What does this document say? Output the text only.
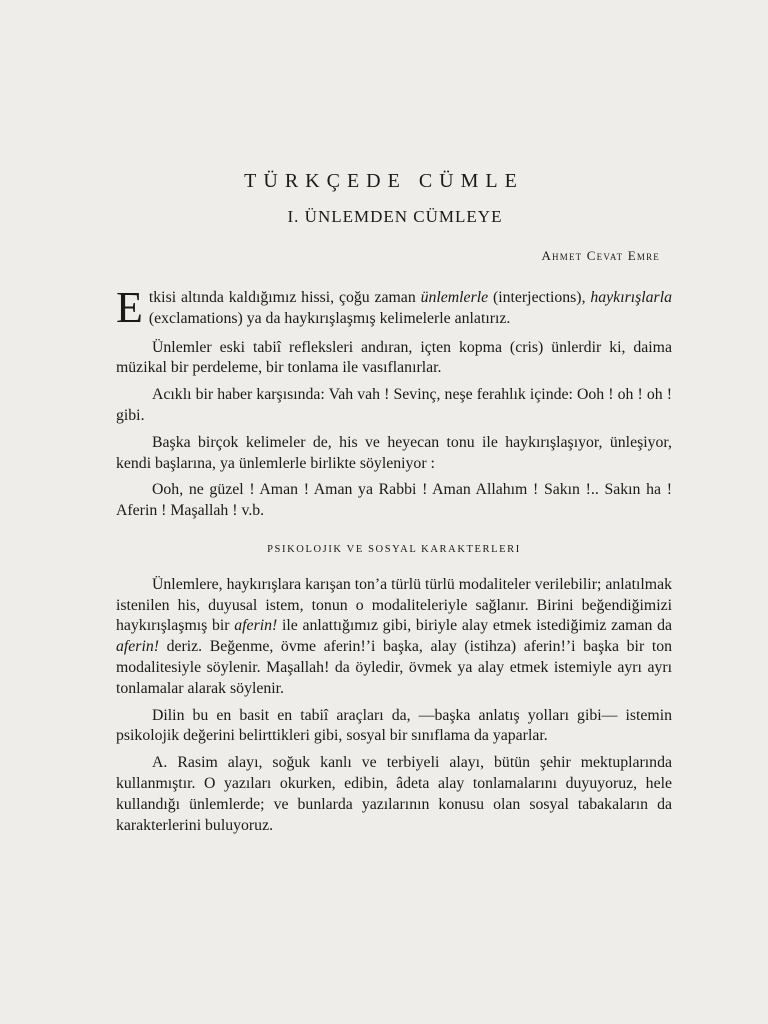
TÜRKÇEDE CÜMLE
I. ÜNLEMDEN CÜMLEYE
Ahmet Cevat Emre

Etkisi altında kaldığımız hissi, çoğu zaman ünlemlerle (interjections), haykırışlarla (exclamations) ya da haykırışlaşmış kelimelerle anlatırız.

Ünlemler eski tabiî refleksleri andıran, içten kopma (cris) ünlerdir ki, daima müzikal bir perdeleme, bir tonlama ile vasıflanırlar.

Acıklı bir haber karşısında: Vah vah ! Sevinç, neşe ferahlık içinde: Ooh ! oh ! oh ! gibi.

Başka birçok kelimeler de, his ve heyecan tonu ile haykırışlaşıyor, ünleşiyor, kendi başlarına, ya ünlemlerle birlikte söyleniyor :

Ooh, ne güzel ! Aman ! Aman ya Rabbi ! Aman Allahım ! Sakın !.. Sakın ha ! Aferin ! Maşallah ! v.b.

PSIKOLOJIK VE SOSYAL KARAKTERLERI

Ünlemlere, haykırışlara karışan ton’a türlü türlü modaliteler verilebilir; anlatılmak istenilen his, duyusal istem, tonun o modaliteleriyle sağlanır. Birini beğendiğimizi haykırışlaşmış bir aferin! ile anlattığımız gibi, biriyle alay etmek istediğimiz zaman da aferin! deriz. Beğenme, övme aferin!’i başka, alay (istihza) aferin!’i başka bir ton modalitesiyle söylenir. Maşallah! da öyledir, övmek ya alay etmek istemiyle ayrı ayrı tonlamalar alarak söylenir.

Dilin bu en basit en tabiî araçları da, —başka anlatış yolları gibi— istemin psikolojik değerini belirttikleri gibi, sosyal bir sınıflama da yaparlar.

A. Rasim alayı, soğuk kanlı ve terbiyeli alayı, bütün şehir mektuplarında kullanmıştır. O yazıları okurken, edibin, âdeta alay tonlamalarını duyuyoruz, hele kullandığı ünlemlerde; ve bunlarda yazılarının konusu olan sosyal tabakaların da karakterlerini buluyoruz.
